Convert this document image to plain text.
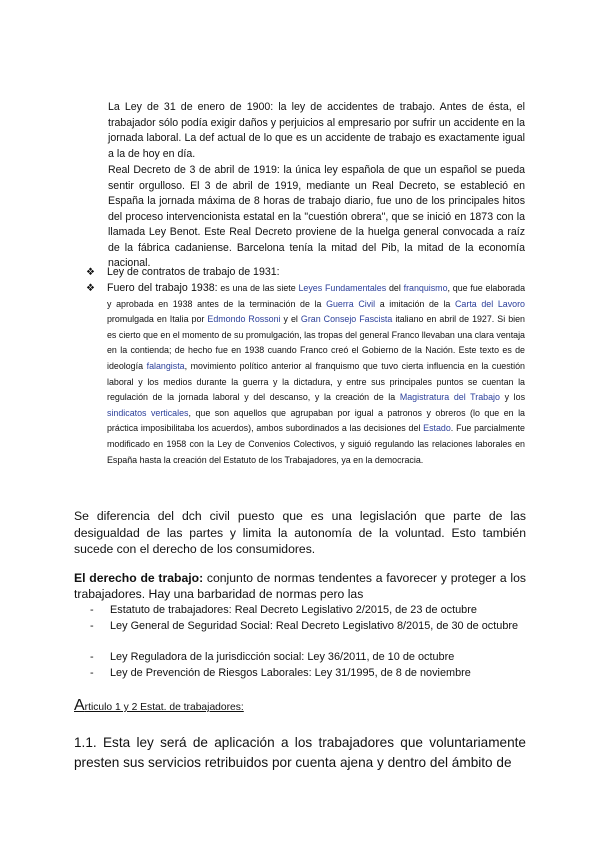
La Ley de 31 de enero de 1900: la ley de accidentes de trabajo. Antes de ésta, el trabajador sólo podía exigir daños y perjuicios al empresario por sufrir un accidente en la jornada laboral. La def actual de lo que es un accidente de trabajo es exactamente igual a la de hoy en día.
Real Decreto de 3 de abril de 1919: la única ley española de que un español se pueda sentir orgulloso. El 3 de abril de 1919, mediante un Real Decreto, se estableció en España la jornada máxima de 8 horas de trabajo diario, fue uno de los principales hitos del proceso intervencionista estatal en la "cuestión obrera", que se inició en 1873 con la llamada Ley Benot. Este Real Decreto proviene de la huelga general convocada a raíz de la fábrica cadaniense. Barcelona tenía la mitad del Pib, la mitad de la economía nacional.
❖ Ley de contratos de trabajo de 1931:
❖ Fuero del trabajo 1938: es una de las siete Leyes Fundamentales del franquismo, que fue elaborada y aprobada en 1938 antes de la terminación de la Guerra Civil a imitación de la Carta del Lavoro promulgada en Italia por Edmondo Rossoni y el Gran Consejo Fascista italiano en abril de 1927. Si bien es cierto que en el momento de su promulgación, las tropas del general Franco llevaban una clara ventaja en la contienda; de hecho fue en 1938 cuando Franco creó el Gobierno de la Nación. Este texto es de ideología falangista, movimiento político anterior al franquismo que tuvo cierta influencia en la cuestión laboral y los medios durante la guerra y la dictadura, y entre sus principales puntos se cuentan la regulación de la jornada laboral y del descanso, y la creación de la Magistratura del Trabajo y los sindicatos verticales, que son aquellos que agrupaban por igual a patronos y obreros (lo que en la práctica imposibilitaba los acuerdos), ambos subordinados a las decisiones del Estado. Fue parcialmente modificado en 1958 con la Ley de Convenios Colectivos, y siguió regulando las relaciones laborales en España hasta la creación del Estatuto de los Trabajadores, ya en la democracia.
Se diferencia del dch civil puesto que es una legislación que parte de las desigualdad de las partes y limita la autonomía de la voluntad. Esto también sucede con el derecho de los consumidores.
El derecho de trabajo: conjunto de normas tendentes a favorecer y proteger a los trabajadores. Hay una barbaridad de normas pero las
- Estatuto de trabajadores: Real Decreto Legislativo 2/2015, de 23 de octubre
- Ley General de Seguridad Social: Real Decreto Legislativo 8/2015, de 30 de octubre
- Ley Reguladora de la jurisdicción social: Ley 36/2011, de 10 de octubre
- Ley de Prevención de Riesgos Laborales: Ley 31/1995, de 8 de noviembre
Articulo 1 y 2 Estat. de trabajadores:
1.1. Esta ley será de aplicación a los trabajadores que voluntariamente presten sus servicios retribuidos por cuenta ajena y dentro del ámbito de
